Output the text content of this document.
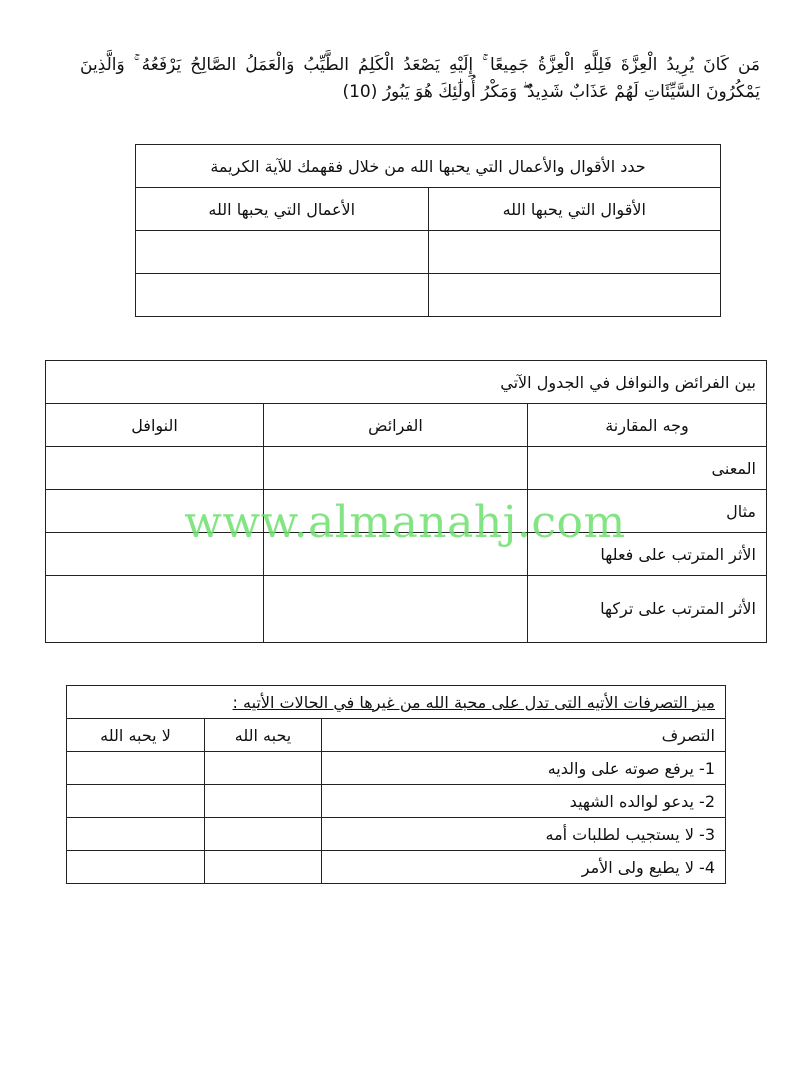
مَن كَانَ يُرِيدُ الْعِزَّةَ فَلِلَّهِ الْعِزَّةُ جَمِيعًا ۚ إِلَيْهِ يَصْعَدُ الْكَلِمُ الطَّيِّبُ وَالْعَمَلُ الصَّالِحُ يَرْفَعُهُ ۚ وَالَّذِينَ يَمْكُرُونَ السَّيِّئَاتِ لَهُمْ عَذَابٌ شَدِيدٌ ۖ وَمَكْرُ أُولَٰئِكَ هُوَ يَبُورُ (10)
حدد الأقوال والأعمال التي يحبها الله من خلال فقهمك للآية الكريمة	
الأقوال التي يحبها الله	الأعمال التي يحبها الله

بين الفرائض والنوافل في الجدول الآتي		
وجه المقارنة	الفرائض	النوافل
المعنى		
مثال		
الأثر المترتب على فعلها		
الأثر المترتب على تركها		
ميز التصرفات الأتيه التى تدل على محبة الله من غيرها في الحالات الأتيه :		
التصرف	يحبه الله	لا يحبه الله
1- يرفع صوته على والديه		
2- يدعو لوالده الشهيد		
3- لا يستجيب لطلبات أمه		
4- لا يطيع ولى الأمر		
www.almanahj.com
